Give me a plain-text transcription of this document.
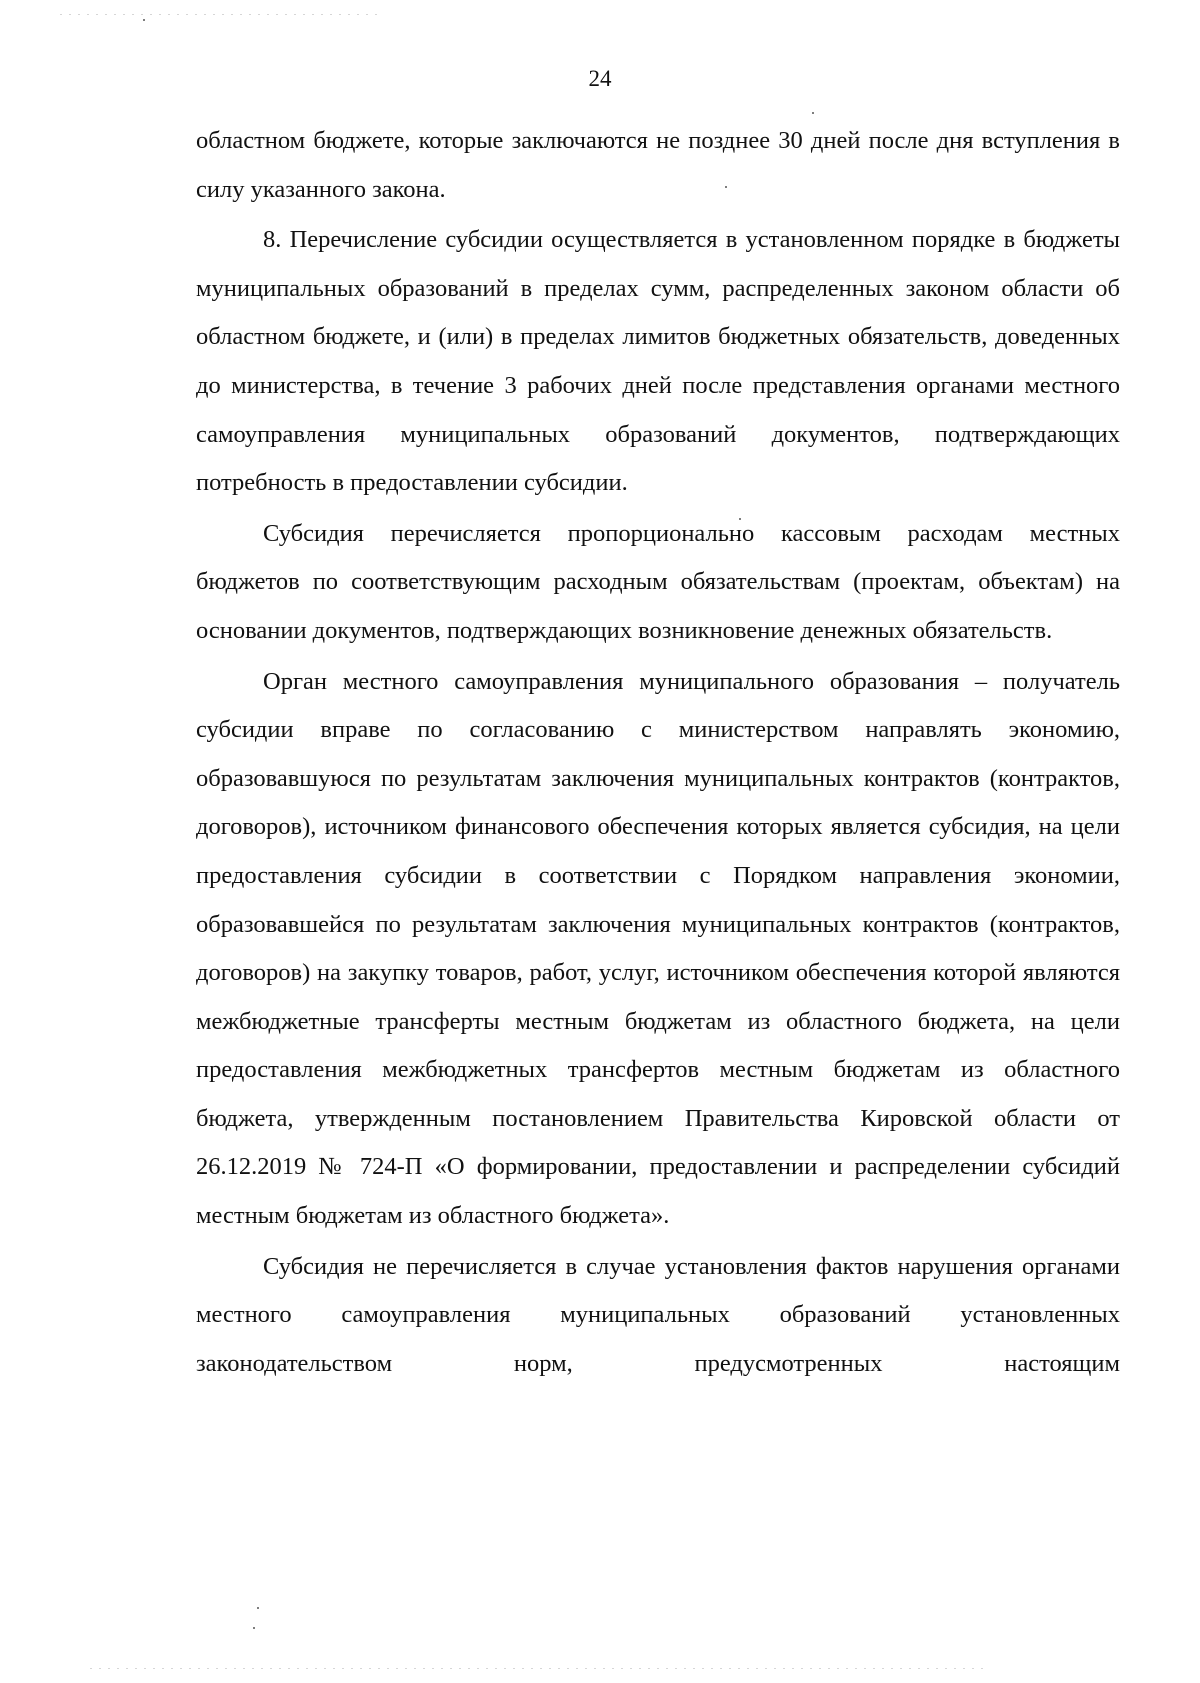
24

областном бюджете, которые заключаются не позднее 30 дней после дня вступления в силу указанного закона.

8. Перечисление субсидии осуществляется в установленном порядке в бюджеты муниципальных образований в пределах сумм, распределенных законом области об областном бюджете, и (или) в пределах лимитов бюджетных обязательств, доведенных до министерства, в течение 3 рабочих дней после представления органами местного самоуправления муниципальных образований документов, подтверждающих потребность в предоставлении субсидии.

Субсидия перечисляется пропорционально кассовым расходам местных бюджетов по соответствующим расходным обязательствам (проектам, объектам) на основании документов, подтверждающих возникновение денежных обязательств.

Орган местного самоуправления муниципального образования – получатель субсидии вправе по согласованию с министерством направлять экономию, образовавшуюся по результатам заключения муниципальных контрактов (контрактов, договоров), источником финансового обеспечения которых является субсидия, на цели предоставления субсидии в соответствии с Порядком направления экономии, образовавшейся по результатам заключения муниципальных контрактов (контрактов, договоров) на закупку товаров, работ, услуг, источником обеспечения которой являются межбюджетные трансферты местным бюджетам из областного бюджета, на цели предоставления межбюджетных трансфертов местным бюджетам из областного бюджета, утвержденным постановлением Правительства Кировской области от 26.12.2019 № 724-П «О формировании, предоставлении и распределении субсидий местным бюджетам из областного бюджета».

Субсидия не перечисляется в случае установления фактов нарушения органами местного самоуправления муниципальных образований установленных законодательством норм, предусмотренных настоящим
